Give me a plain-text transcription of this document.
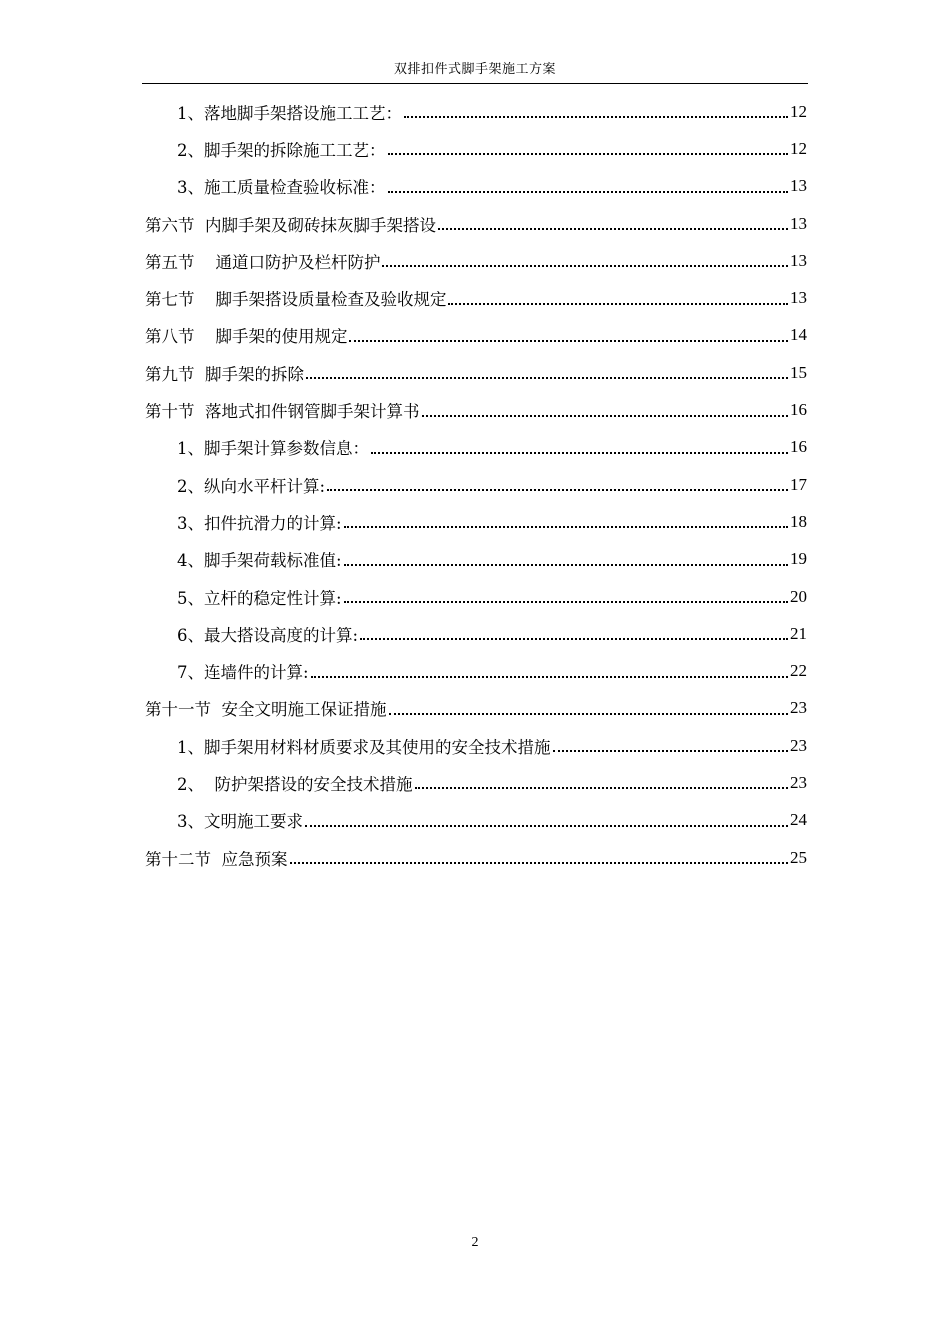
双排扣件式脚手架施工方案
1、落地脚手架搭设施工工艺：	12
2、脚手架的拆除施工工艺：	12
3、施工质量检查验收标准：	13
第六节  内脚手架及砌砖抹灰脚手架搭设	13
第五节    通道口防护及栏杆防护	13
第七节    脚手架搭设质量检查及验收规定	13
第八节    脚手架的使用规定	14
第九节  脚手架的拆除	15
第十节  落地式扣件钢管脚手架计算书	16
1、脚手架计算参数信息：	16
2、纵向水平杆计算:	17
3、扣件抗滑力的计算:	18
4、脚手架荷载标准值:	19
5、立杆的稳定性计算:	20
6、最大搭设高度的计算:	21
7、连墙件的计算:	22
第十一节  安全文明施工保证措施	23
1、脚手架用材料材质要求及其使用的安全技术措施	23
2、  防护架搭设的安全技术措施	23
3、文明施工要求	24
第十二节  应急预案	25
2
